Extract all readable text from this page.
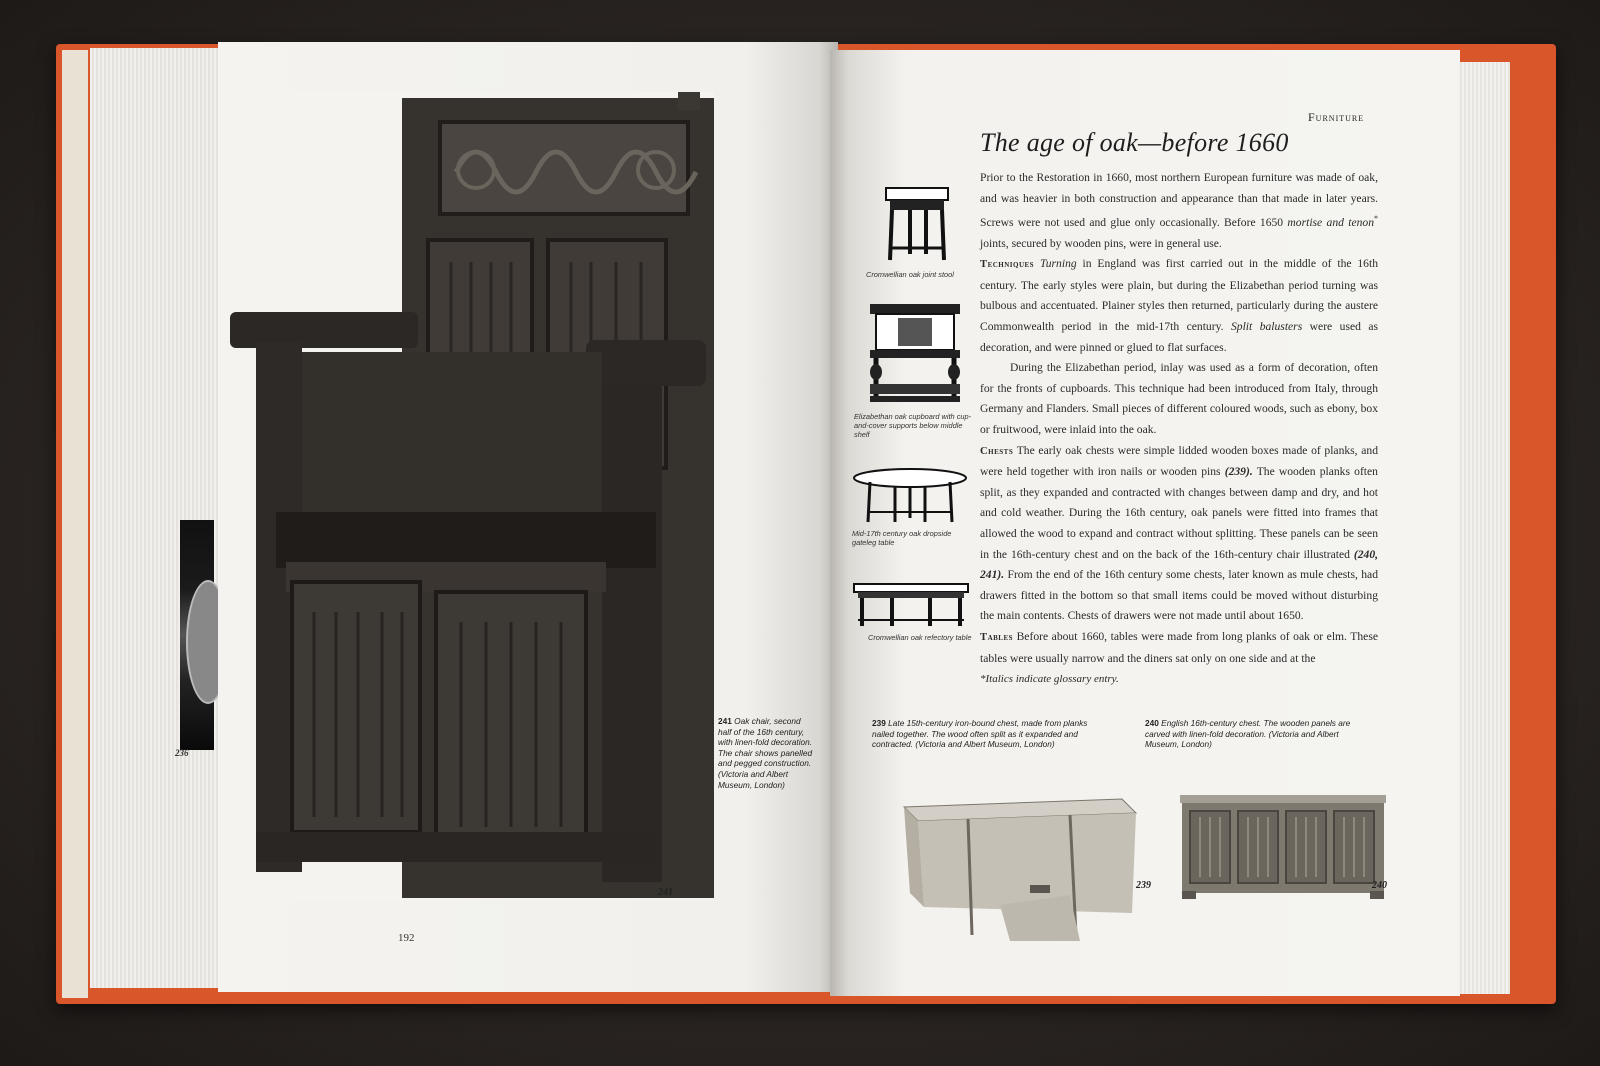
236
241
241 Oak chair, second half of the 16th century, with linen-fold decoration. The chair shows panelled and pegged construction. (Victoria and Albert Museum, London)
192
Furniture
The age of oak—before 1660

Prior to the Restoration in 1660, most northern European furniture was made of oak, and was heavier in both construction and appearance than that made in later years. Screws were not used and glue only occasionally. Before 1650 mortise and tenon* joints, secured by wooden pins, were in general use.

Techniques Turning in England was first carried out in the middle of the 16th century. The early styles were plain, but during the Elizabethan period turning was bulbous and accentuated. Plainer styles then returned, particularly during the austere Commonwealth period in the mid-17th century. Split balusters were used as decoration, and were pinned or glued to flat surfaces.

During the Elizabethan period, inlay was used as a form of decoration, often for the fronts of cupboards. This technique had been introduced from Italy, through Germany and Flanders. Small pieces of different coloured woods, such as ebony, box or fruitwood, were inlaid into the oak.

Chests The early oak chests were simple lidded wooden boxes made of planks, and were held together with iron nails or wooden pins (239). The wooden planks often split, as they expanded and contracted with changes between damp and dry, and hot and cold weather. During the 16th century, oak panels were fitted into frames that allowed the wood to expand and contract without splitting. These panels can be seen in the 16th-century chest and on the back of the 16th-century chair illustrated (240, 241). From the end of the 16th century some chests, later known as mule chests, had drawers fitted in the bottom so that small items could be moved without disturbing the main contents. Chests of drawers were not made until about 1650.

Tables Before about 1660, tables were made from long planks of oak or elm. These tables were usually narrow and the diners sat only on one side and at the

*Italics indicate glossary entry.

Cromwellian oak joint stool
Elizabethan oak cupboard with cup-and-cover supports below middle shelf
Mid-17th century oak dropside gateleg table
Cromwellian oak refectory table
239 Late 15th-century iron-bound chest, made from planks nailed together. The wood often split as it expanded and contracted. (Victoria and Albert Museum, London)
240 English 16th-century chest. The wooden panels are carved with linen-fold decoration. (Victoria and Albert Museum, London)
239	240
